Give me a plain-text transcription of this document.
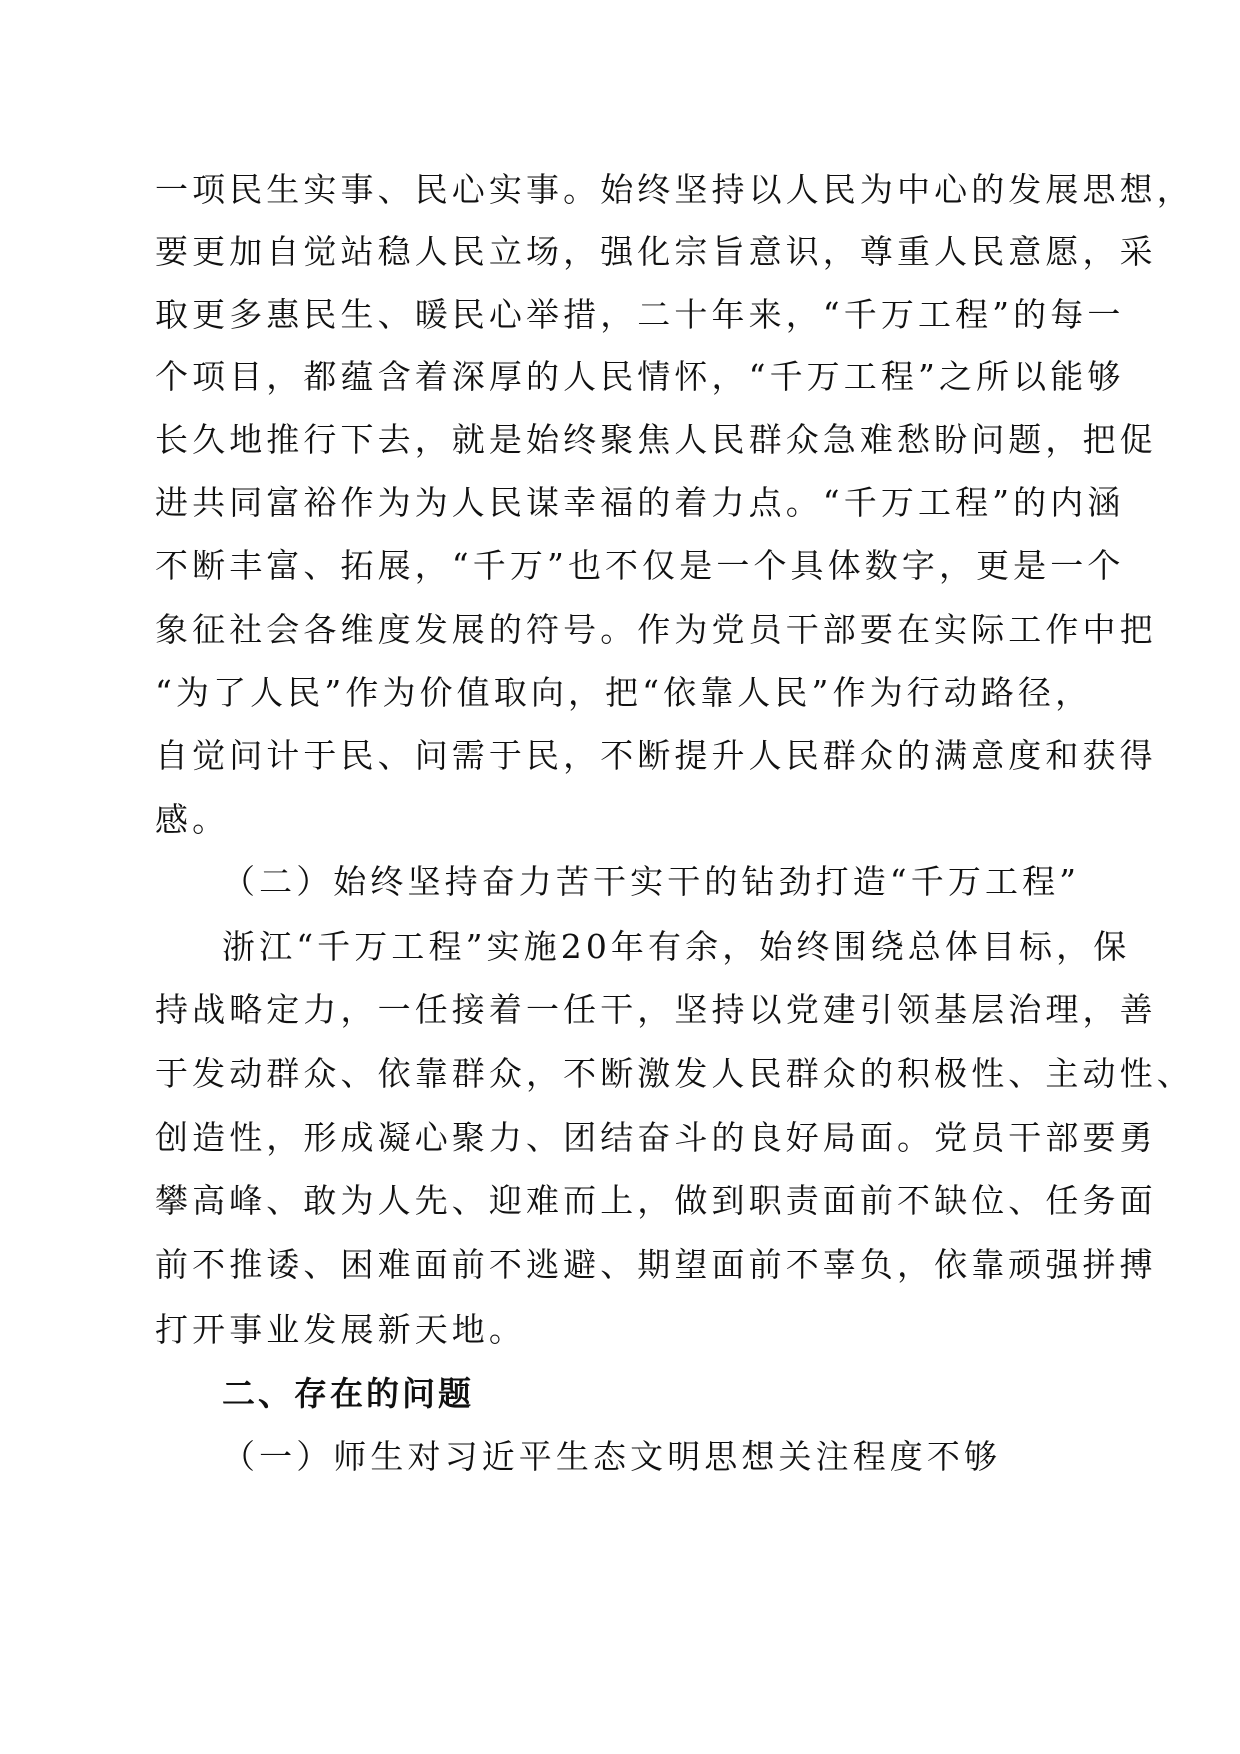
一项民生实事、民心实事。始终坚持以人民为中心的发展思想，
要更加自觉站稳人民立场，强化宗旨意识，尊重人民意愿，采
取更多惠民生、暖民心举措，二十年来，“千万工程”的每一
个项目，都蕴含着深厚的人民情怀，“千万工程”之所以能够
长久地推行下去，就是始终聚焦人民群众急难愁盼问题，把促
进共同富裕作为为人民谋幸福的着力点。“千万工程”的内涵
不断丰富、拓展，“千万”也不仅是一个具体数字，更是一个
象征社会各维度发展的符号。作为党员干部要在实际工作中把
“为了人民”作为价值取向，把“依靠人民”作为行动路径，
自觉问计于民、问需于民，不断提升人民群众的满意度和获得
感。
（二）始终坚持奋力苦干实干的钻劲打造“千万工程”
浙江“千万工程”实施20年有余，始终围绕总体目标，保
持战略定力，一任接着一任干，坚持以党建引领基层治理，善
于发动群众、依靠群众，不断激发人民群众的积极性、主动性、
创造性，形成凝心聚力、团结奋斗的良好局面。党员干部要勇
攀高峰、敢为人先、迎难而上，做到职责面前不缺位、任务面
前不推诿、困难面前不逃避、期望面前不辜负，依靠顽强拼搏
打开事业发展新天地。
二、存在的问题
（一）师生对习近平生态文明思想关注程度不够
